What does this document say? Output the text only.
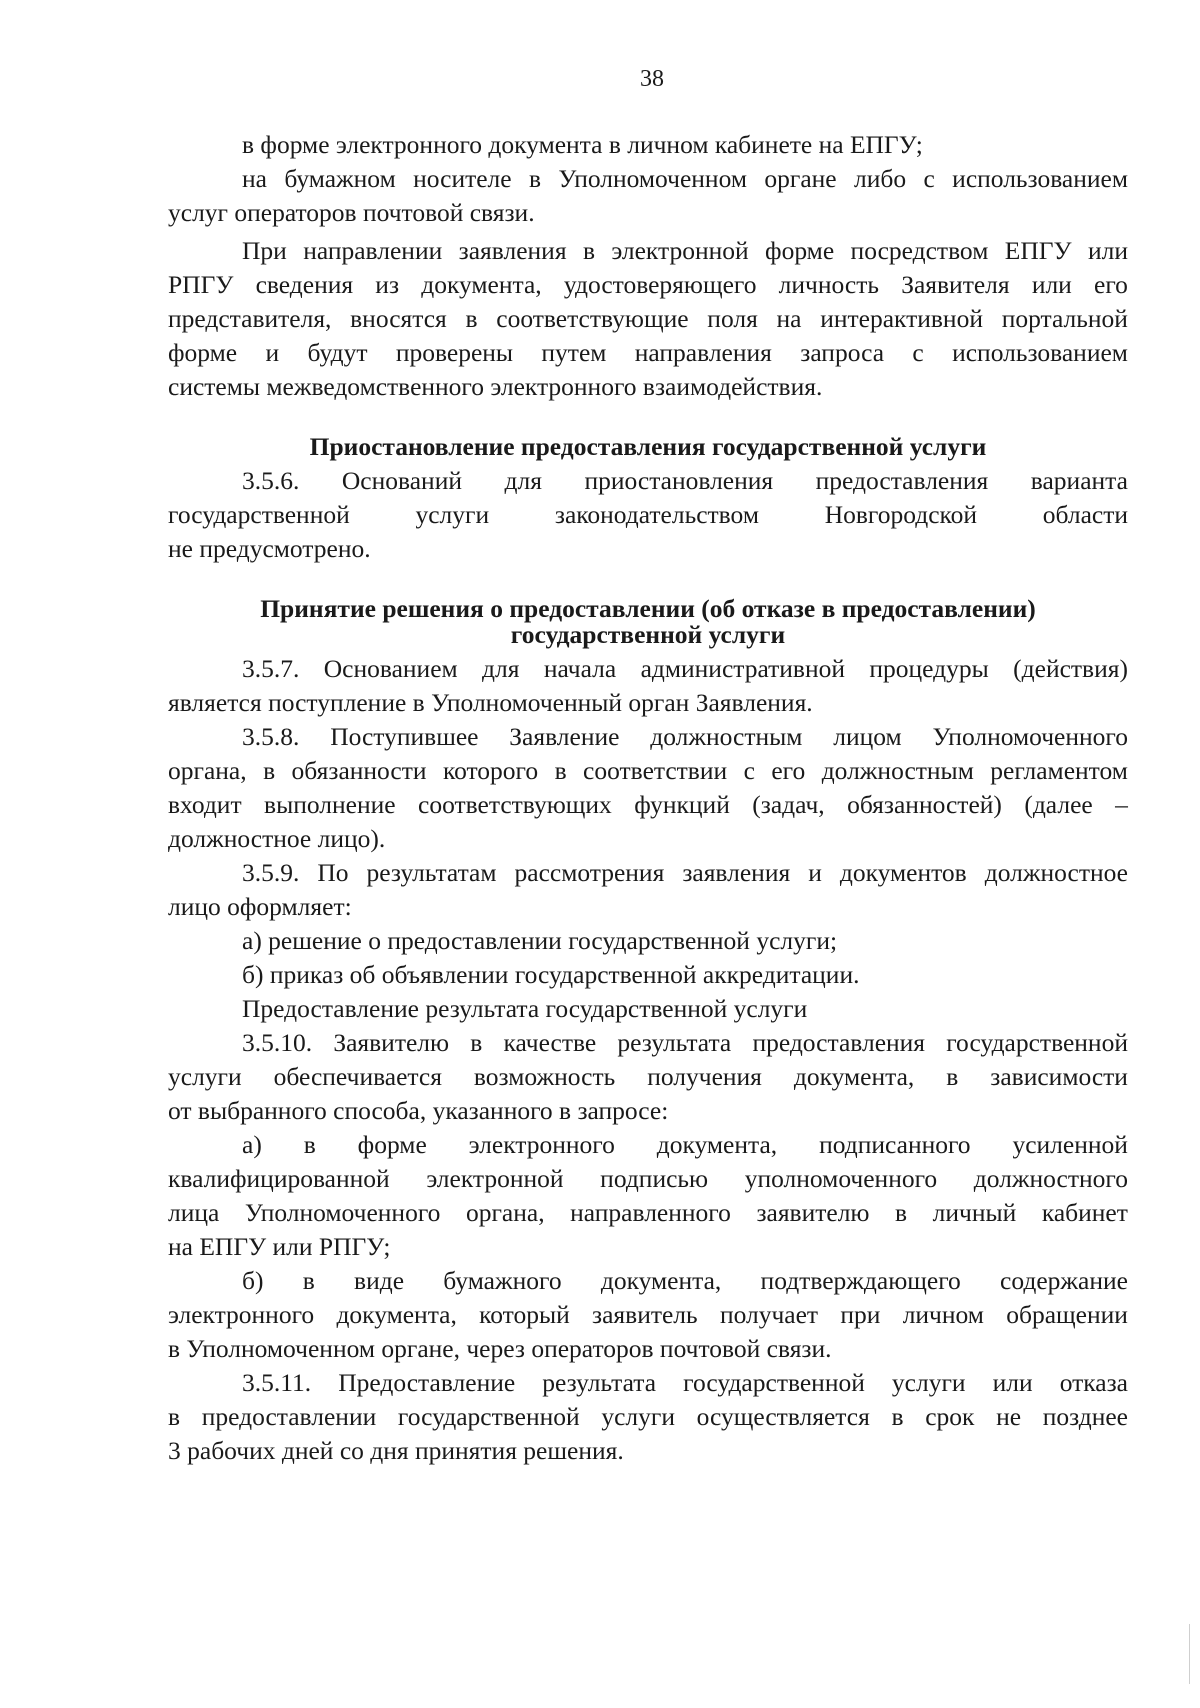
38
в форме электронного документа в личном кабинете на ЕПГУ;
на бумажном носителе в Уполномоченном органе либо с использованием
услуг операторов почтовой связи.
При направлении заявления в электронной форме посредством ЕПГУ или
РПГУ сведения из документа, удостоверяющего личность Заявителя или его
представителя, вносятся в соответствующие поля на интерактивной портальной
форме и будут проверены путем направления запроса с использованием
системы межведомственного электронного взаимодействия.
Приостановление предоставления государственной услуги
3.5.6. Оснований для приостановления предоставления варианта
государственной	услуги	законодательством	Новгородской	области
не предусмотрено.
Принятие решения о предоставлении (об отказе в предоставлении)
государственной услуги
3.5.7. Основанием для начала административной процедуры (действия)
является поступление в Уполномоченный орган Заявления.
3.5.8. Поступившее Заявление должностным лицом Уполномоченного
органа, в обязанности которого в соответствии с его должностным регламентом
входит выполнение соответствующих функций (задач, обязанностей) (далее –
должностное лицо).
3.5.9. По результатам рассмотрения заявления и документов должностное
лицо оформляет:
а) решение о предоставлении государственной услуги;
б) приказ об объявлении государственной аккредитации.
Предоставление результата государственной услуги
3.5.10. Заявителю в качестве результата предоставления государственной
услуги обеспечивается возможность получения документа, в зависимости
от выбранного способа, указанного в запросе:
а) в форме электронного документа, подписанного усиленной
квалифицированной электронной подписью уполномоченного должностного
лица Уполномоченного органа, направленного заявителю в личный кабинет
на ЕПГУ или РПГУ;
б) в виде бумажного документа, подтверждающего содержание
электронного документа, который заявитель получает при личном обращении
в Уполномоченном органе, через операторов почтовой связи.
3.5.11. Предоставление результата государственной услуги или отказа
в предоставлении государственной услуги осуществляется в срок не позднее
3 рабочих дней со дня принятия решения.
